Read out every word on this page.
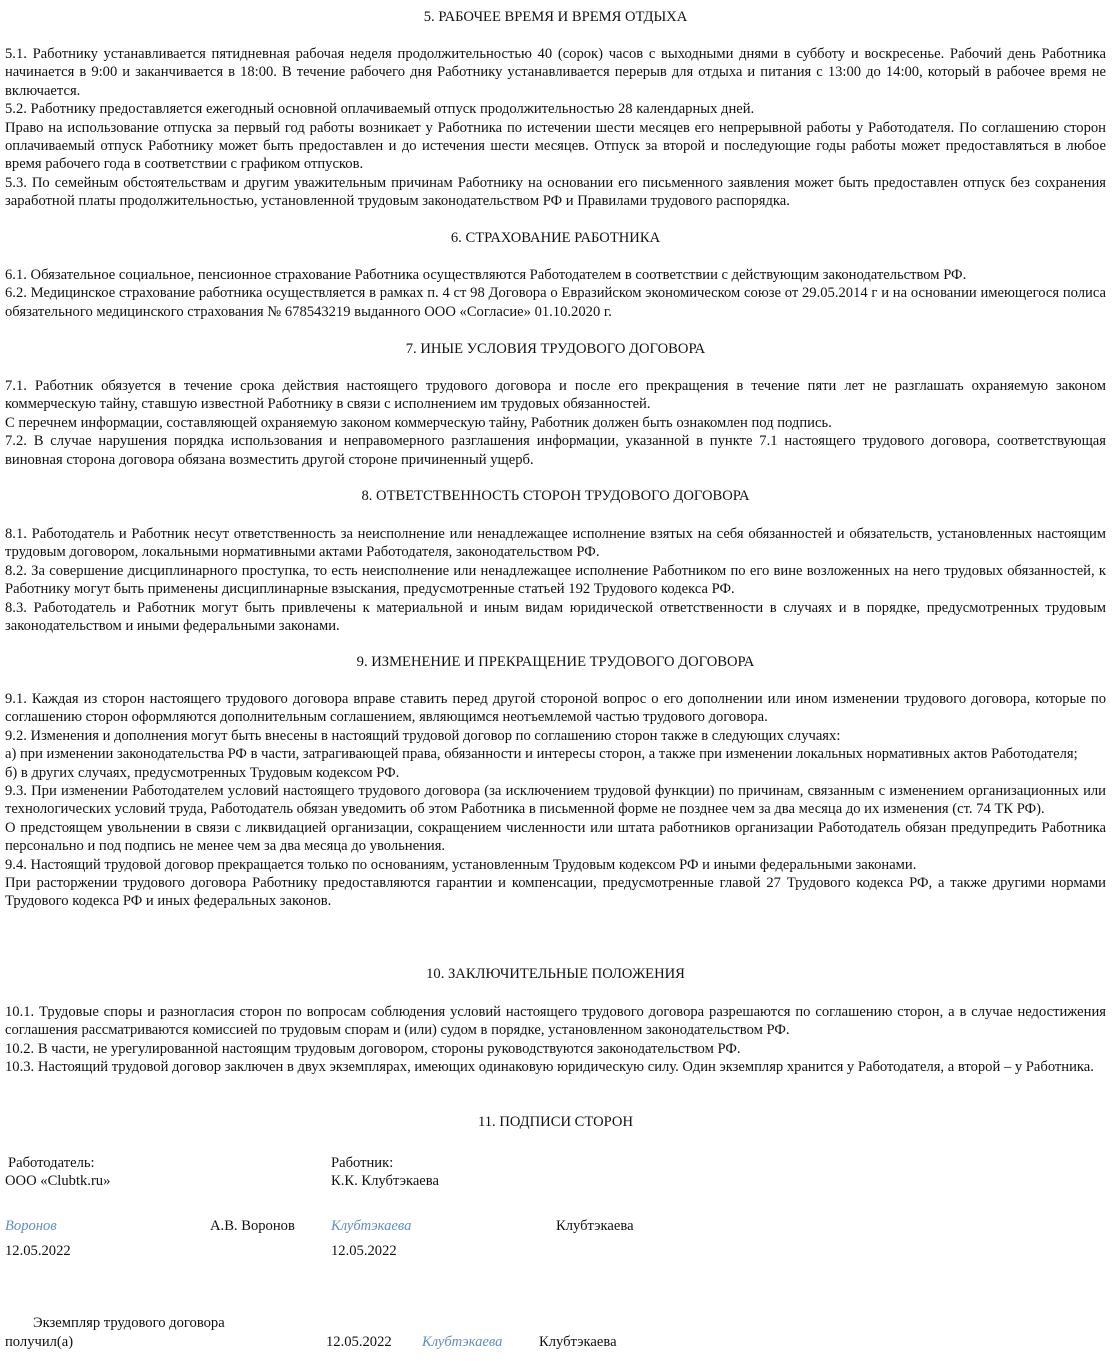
5. РАБОЧЕЕ ВРЕМЯ И ВРЕМЯ ОТДЫХА

5.1. Работнику устанавливается пятидневная рабочая неделя продолжительностью 40 (сорок) часов с выходными днями в субботу и воскресенье. Рабочий день Работника начинается в 9:00 и заканчивается в 18:00. В течение рабочего дня Работнику устанавливается перерыв для отдыха и питания с 13:00 до 14:00, который в рабочее время не включается.

5.2. Работнику предоставляется ежегодный основной оплачиваемый отпуск продолжительностью 28 календарных дней.

Право на использование отпуска за первый год работы возникает у Работника по истечении шести месяцев его непрерывной работы у Работодателя. По соглашению сторон оплачиваемый отпуск Работнику может быть предоставлен и до истечения шести месяцев. Отпуск за второй и последующие годы работы может предоставляться в любое время рабочего года в соответствии с графиком отпусков.

5.3. По семейным обстоятельствам и другим уважительным причинам Работнику на основании его письменного заявления может быть предоставлен отпуск без сохранения заработной платы продолжительностью, установленной трудовым законодательством РФ и Правилами трудового распорядка.

6. СТРАХОВАНИЕ РАБОТНИКА

6.1. Обязательное социальное, пенсионное страхование Работника осуществляются Работодателем в соответствии с действующим законодательством РФ.

6.2. Медицинское страхование работника осуществляется в рамках п. 4 ст 98 Договора о Евразийском экономическом союзе от 29.05.2014 г и на основании имеющегося полиса обязательного медицинского страхования № 678543219 выданного ООО «Согласие» 01.10.2020 г.

7. ИНЫЕ УСЛОВИЯ ТРУДОВОГО ДОГОВОРА

7.1. Работник обязуется в течение срока действия настоящего трудового договора и после его прекращения в течение пяти лет не разглашать охраняемую законом коммерческую тайну, ставшую известной Работнику в связи с исполнением им трудовых обязанностей.

С перечнем информации, составляющей охраняемую законом коммерческую тайну, Работник должен быть ознакомлен под подпись.

7.2. В случае нарушения порядка использования и неправомерного разглашения информации, указанной в пункте 7.1 настоящего трудового договора, соответствующая виновная сторона договора обязана возместить другой стороне причиненный ущерб.

8. ОТВЕТСТВЕННОСТЬ СТОРОН ТРУДОВОГО ДОГОВОРА

8.1. Работодатель и Работник несут ответственность за неисполнение или ненадлежащее исполнение взятых на себя обязанностей и обязательств, установленных настоящим трудовым договором, локальными нормативными актами Работодателя, законодательством РФ.

8.2. За совершение дисциплинарного проступка, то есть неисполнение или ненадлежащее исполнение Работником по его вине возложенных на него трудовых обязанностей, к Работнику могут быть применены дисциплинарные взыскания, предусмотренные статьей 192 Трудового кодекса РФ.

8.3. Работодатель и Работник могут быть привлечены к материальной и иным видам юридической ответственности в случаях и в порядке, предусмотренных трудовым законодательством и иными федеральными законами.

9. ИЗМЕНЕНИЕ И ПРЕКРАЩЕНИЕ ТРУДОВОГО ДОГОВОРА

9.1. Каждая из сторон настоящего трудового договора вправе ставить перед другой стороной вопрос о его дополнении или ином изменении трудового договора, которые по соглашению сторон оформляются дополнительным соглашением, являющимся неотъемлемой частью трудового договора.

9.2. Изменения и дополнения могут быть внесены в настоящий трудовой договор по соглашению сторон также в следующих случаях:

а) при изменении законодательства РФ в части, затрагивающей права, обязанности и интересы сторон, а также при изменении локальных нормативных актов Работодателя;

б) в других случаях, предусмотренных Трудовым кодексом РФ.

9.3. При изменении Работодателем условий настоящего трудового договора (за исключением трудовой функции) по причинам, связанным с изменением организационных или технологических условий труда, Работодатель обязан уведомить об этом Работника в письменной форме не позднее чем за два месяца до их изменения (ст. 74 ТК РФ).

О предстоящем увольнении в связи с ликвидацией организации, сокращением численности или штата работников организации Работодатель обязан предупредить Работника персонально и под подпись не менее чем за два месяца до увольнения.

9.4. Настоящий трудовой договор прекращается только по основаниям, установленным Трудовым кодексом РФ и иными федеральными законами.

При расторжении трудового договора Работнику предоставляются гарантии и компенсации, предусмотренные главой 27 Трудового кодекса РФ, а также другими нормами Трудового кодекса РФ и иных федеральных законов.

10. ЗАКЛЮЧИТЕЛЬНЫЕ ПОЛОЖЕНИЯ

10.1. Трудовые споры и разногласия сторон по вопросам соблюдения условий настоящего трудового договора разрешаются по соглашению сторон, а в случае недостижения соглашения рассматриваются комиссией по трудовым спорам и (или) судом в порядке, установленном законодательством РФ.

10.2. В части, не урегулированной настоящим трудовым договором, стороны руководствуются законодательством РФ.

10.3. Настоящий трудовой договор заключен в двух экземплярах, имеющих одинаковую юридическую силу. Один экземпляр хранится у Работодателя, а второй – у Работника.

11. ПОДПИСИ СТОРОН

Работодатель:
ООО «Clubtk.ru»
Работник:
К.К. Клубтэкаева
Воронов	А.В. Воронов Клубтэкаева	Клубтэкаева
12.05.2022	12.05.2022
Экземпляр трудового договора
получил(а)	12.05.2022 Клубтэкаева	Клубтэкаева
